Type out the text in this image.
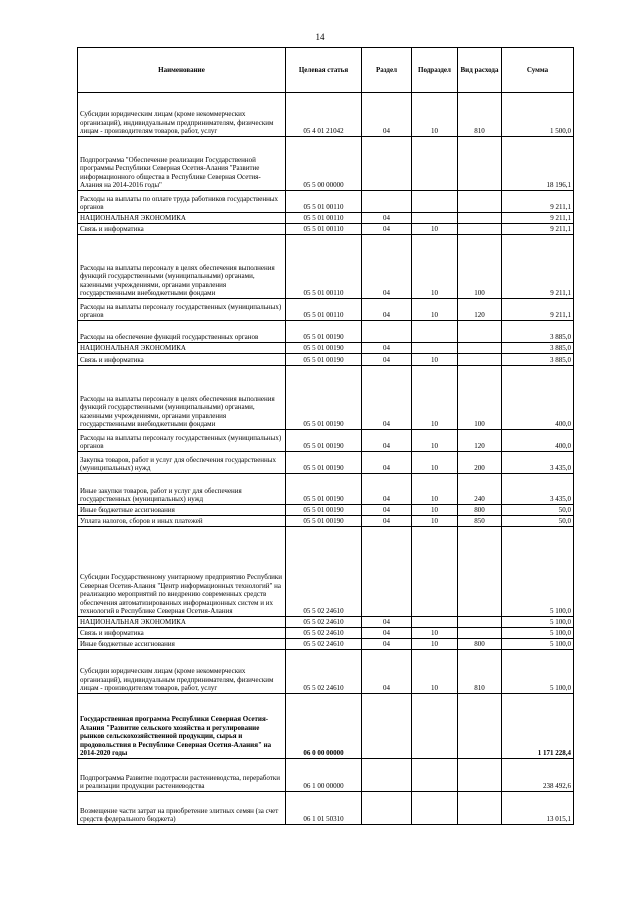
14
Наименование	Целевая статья	Раздел	Подраздел	Вид расхода	Сумма
Субсидии юридическим лицам (кроме некоммерческих организаций), индивидуальным предпринимателям, физическим лицам - производителям товаров, работ, услуг	05 4 01 21042	04	10	810	1 500,0
Подпрограмма "Обеспечение реализации Государственной программы Республики Северная Осетия-Алания "Развитие информационного общества в Республике Северная Осетия-Алания на 2014-2016 годы"	05 5 00 00000				18 196,1
Расходы на выплаты по оплате труда работников государственных органов	05 5 01 00110				9 211,1
НАЦИОНАЛЬНАЯ ЭКОНОМИКА	05 5 01 00110	04			9 211,1
Связь и информатика	05 5 01 00110	04	10		9 211,1
Расходы на выплаты персоналу в целях обеспечения выполнения функций государственными (муниципальными) органами, казенными учреждениями, органами управления государственными внебюджетными фондами	05 5 01 00110	04	10	100	9 211,1
Расходы на выплаты персоналу государственных (муниципальных) органов	05 5 01 00110	04	10	120	9 211,1
Расходы на обеспечение функций государственных органов	05 5 01 00190				3 885,0
НАЦИОНАЛЬНАЯ ЭКОНОМИКА	05 5 01 00190	04			3 885,0
Связь и информатика	05 5 01 00190	04	10		3 885,0
Расходы на выплаты персоналу в целях обеспечения выполнения функций государственными (муниципальными) органами, казенными учреждениями, органами управления государственными внебюджетными фондами	05 5 01 00190	04	10	100	400,0
Расходы на выплаты персоналу государственных (муниципальных) органов	05 5 01 00190	04	10	120	400,0
Закупка товаров, работ и услуг для обеспечения государственных (муниципальных) нужд	05 5 01 00190	04	10	200	3 435,0
Иные закупки товаров, работ и услуг для обеспечения государственных (муниципальных) нужд	05 5 01 00190	04	10	240	3 435,0
Иные бюджетные ассигнования	05 5 01 00190	04	10	800	50,0
Уплата налогов, сборов и иных платежей	05 5 01 00190	04	10	850	50,0
Субсидии Государственному унитарному предприятию Республики Северная Осетия-Алания "Центр информационных технологий" на реализацию мероприятий по внедрению современных средств обеспечения автоматизированных информационных систем и их технологий в Республике Северная Осетия-Алания	05 5 02 24610				5 100,0
НАЦИОНАЛЬНАЯ ЭКОНОМИКА	05 5 02 24610	04			5 100,0
Связь и информатика	05 5 02 24610	04	10		5 100,0
Иные бюджетные ассигнования	05 5 02 24610	04	10	800	5 100,0
Субсидии юридическим лицам (кроме некоммерческих организаций), индивидуальным предпринимателям, физическим лицам - производителям товаров, работ, услуг	05 5 02 24610	04	10	810	5 100,0
Государственная программа Республики Северная Осетия-Алания "Развитие сельского хозяйства и регулирование рынков сельскохозяйственной продукции, сырья и продовольствия в Республике Северная Осетия-Алания" на 2014-2020 годы	06 0 00 00000				1 171 228,4
Подпрограмма Развитие подотрасли растениеводства, переработки и реализации продукции растениеводства	06 1 00 00000				238 492,6
Возмещение части затрат на приобретение элитных семян (за счет средств федерального бюджета)	06 1 01 50310				13 015,1
